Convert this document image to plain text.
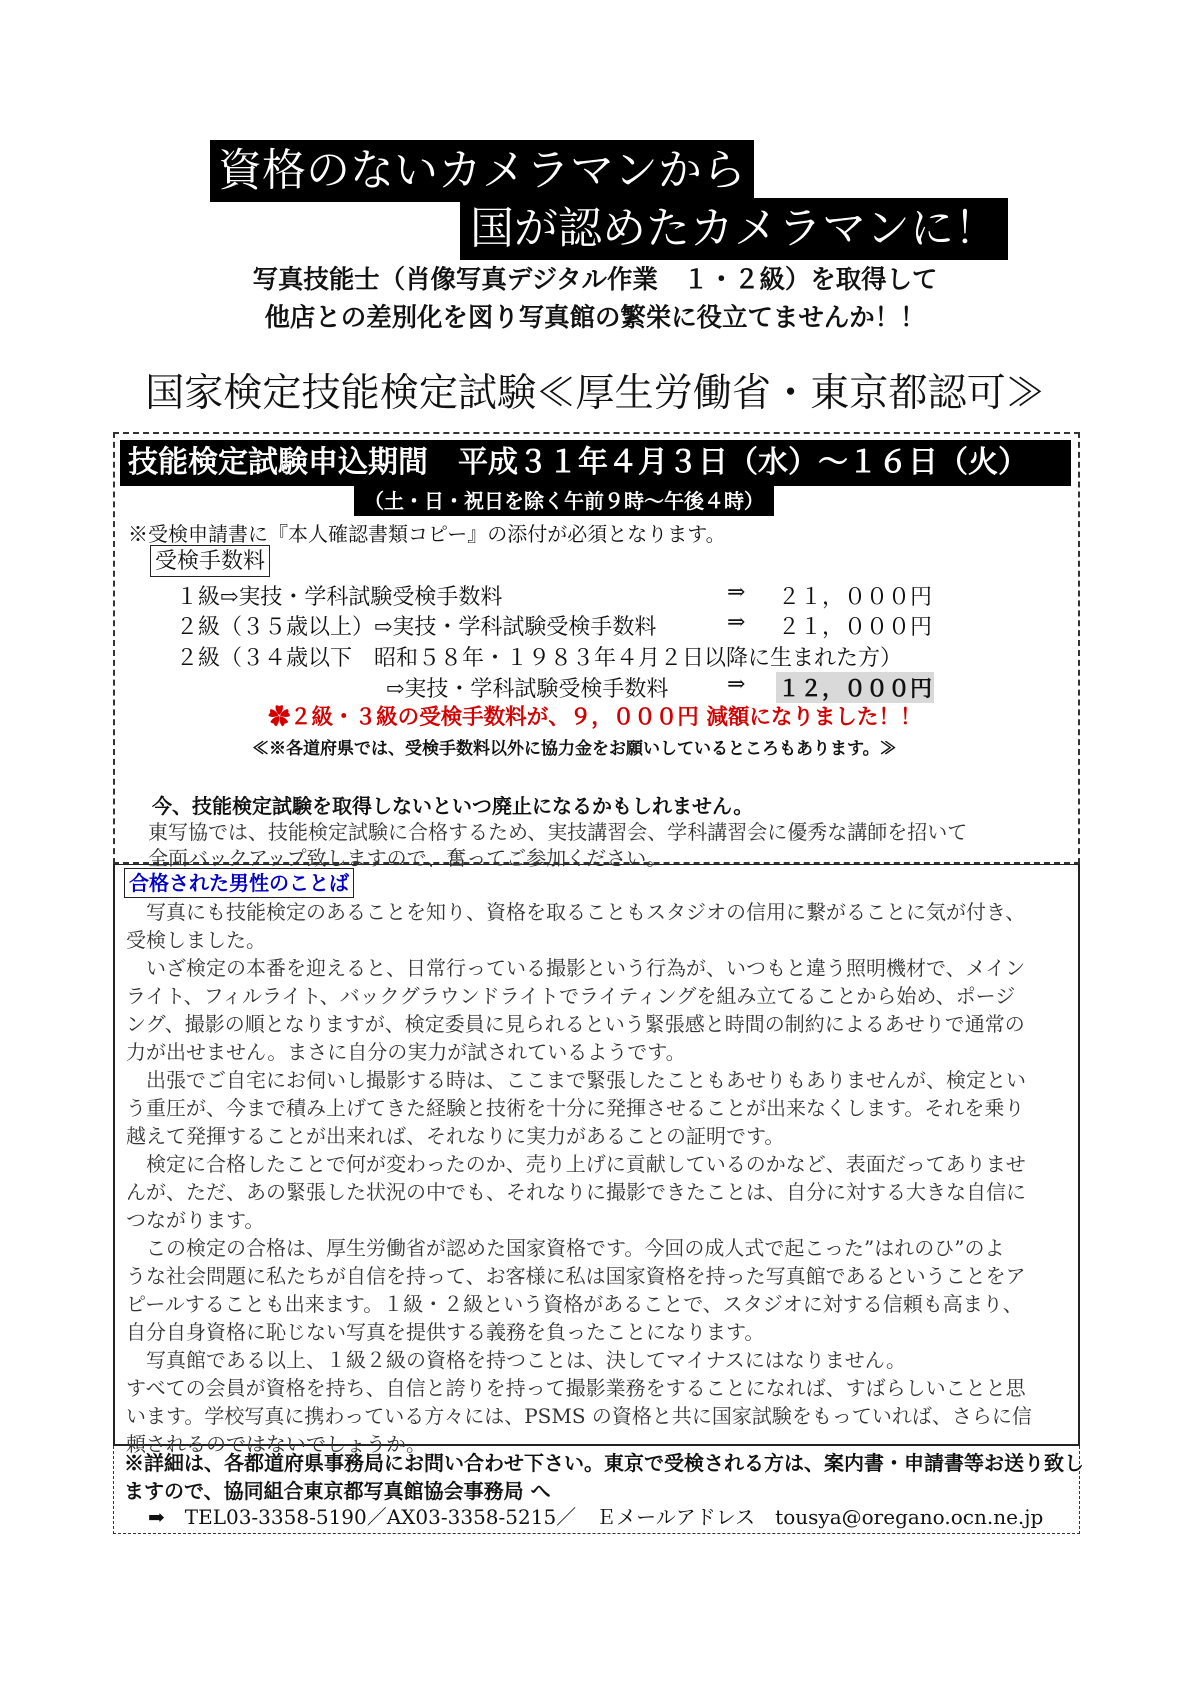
資格のないカメラマンから
国が認めたカメラマンに！
写真技能士（肖像写真デジタル作業　１・２級）を取得して
他店との差別化を図り写真館の繁栄に役立てませんか！！
国家検定技能検定試験≪厚生労働省・東京都認可≫
技能検定試験申込期間　平成３１年４月３日（水）～１６日（火）
（土・日・祝日を除く午前９時～午後４時）
※受検申請書に『本人確認書類コピー』の添付が必須となります。
受検手数料
１級⇨実技・学科試験受検手数料	⇒ ２１，０００円
２級（３５歳以上）⇨実技・学科試験受検手数料	⇒ ２１，０００円
２級（３４歳以下　昭和５８年・１９８３年４月２日以降に生まれた方）
⇨実技・学科試験受検手数料	⇒ １２，０００円
✿２級・３級の受検手数料が、９，０００円 減額になりました！！
≪※各道府県では、受検手数料以外に協力金をお願いしているところもあります。≫
今、技能検定試験を取得しないといつ廃止になるかもしれません。
東写協では、技能検定試験に合格するため、実技講習会、学科講習会に優秀な講師を招いて
全面バックアップ致しますので、奮ってご参加ください。
合格された男性のことば
　写真にも技能検定のあることを知り、資格を取ることもスタジオの信用に繋がることに気が付き、
受検しました。
　いざ検定の本番を迎えると、日常行っている撮影という行為が、いつもと違う照明機材で、メイン
ライト、フィルライト、バックグラウンドライトでライティングを組み立てることから始め、ポージ
ング、撮影の順となりますが、検定委員に見られるという緊張感と時間の制約によるあせりで通常の
力が出せません。まさに自分の実力が試されているようです。
　出張でご自宅にお伺いし撮影する時は、ここまで緊張したこともあせりもありませんが、検定とい
う重圧が、今まで積み上げてきた経験と技術を十分に発揮させることが出来なくします。それを乗り
越えて発揮することが出来れば、それなりに実力があることの証明です。
　検定に合格したことで何が変わったのか、売り上げに貢献しているのかなど、表面だってありませ
んが、ただ、あの緊張した状況の中でも、それなりに撮影できたことは、自分に対する大きな自信に
つながります。
　この検定の合格は、厚生労働省が認めた国家資格です。今回の成人式で起こった”はれのひ”のよ
うな社会問題に私たちが自信を持って、お客様に私は国家資格を持った写真館であるということをア
ピールすることも出来ます。１級・２級という資格があることで、スタジオに対する信頼も高まり、
自分自身資格に恥じない写真を提供する義務を負ったことになります。
　写真館である以上、１級２級の資格を持つことは、決してマイナスにはなりません。
すべての会員が資格を持ち、自信と誇りを持って撮影業務をすることになれば、すばらしいことと思
います。学校写真に携わっている方々には、PSMS の資格と共に国家試験をもっていれば、さらに信
頼されるのではないでしょうか。
※詳細は、各都道府県事務局にお問い合わせ下さい。東京で受検される方は、案内書・申請書等お送り致し
ますので、協同組合東京都写真館協会事務局 へ
➡　TEL03-3358-5190／AX03-3358-5215／　Ｅメールアドレス　tousya@oregano.ocn.ne.jp
